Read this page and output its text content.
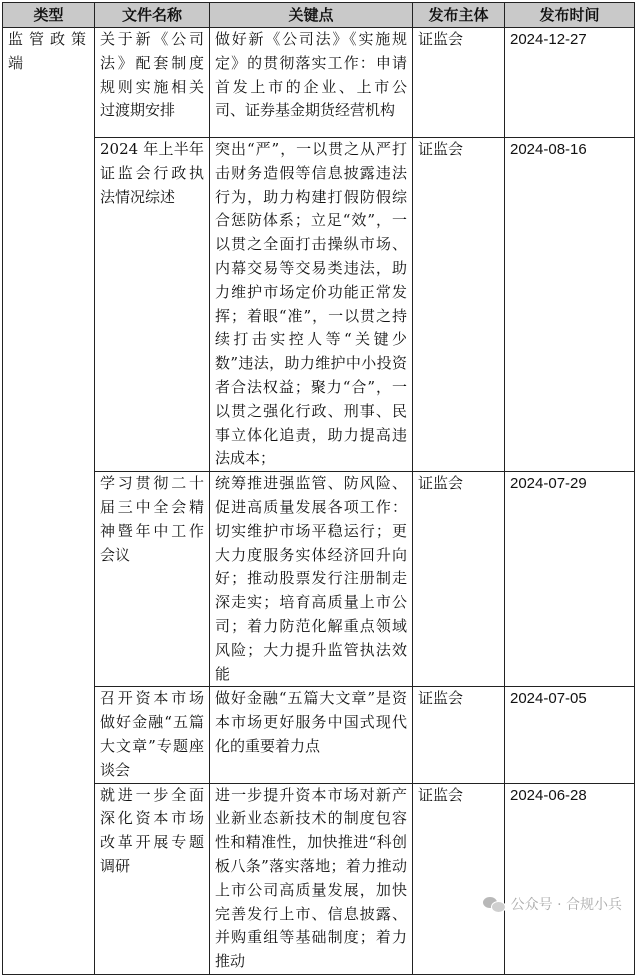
类型	文件名称	关键点	发布主体	发布时间
监管政策端	关于新《公司法》配套制度规则实施相关过渡期安排	做好新《公司法》《实施规定》的贯彻落实工作：申请首发上市的企业、上市公司、证券基金期货经营机构	证监会	2024-12-27
	2024 年上半年证监会行政执法情况综述	突出“严”，一以贯之从严打击财务造假等信息披露违法行为，助力构建打假防假综合惩防体系；立足“效”，一以贯之全面打击操纵市场、内幕交易等交易类违法，助力维护市场定价功能正常发挥；着眼“准”，一以贯之持续打击实控人等“关键少数”违法，助力维护中小投资者合法权益；聚力“合”，一以贯之强化行政、刑事、民事立体化追责，助力提高违法成本；	证监会	2024-08-16
	学习贯彻二十届三中全会精神暨年中工作会议	统筹推进强监管、防风险、促进高质量发展各项工作：切实维护市场平稳运行；更大力度服务实体经济回升向好；推动股票发行注册制走深走实；培育高质量上市公司；着力防范化解重点领域风险；大力提升监管执法效能	证监会	2024-07-29
	召开资本市场做好金融“五篇大文章”专题座谈会	做好金融“五篇大文章”是资本市场更好服务中国式现代化的重要着力点	证监会	2024-07-05
	就进一步全面深化资本市场改革开展专题调研	进一步提升资本市场对新产业新业态新技术的制度包容性和精准性，加快推进“科创板八条”落实落地；着力推动上市公司高质量发展，加快完善发行上市、信息披露、并购重组等基础制度；着力推动	证监会	2024-06-28
公众号 · 合规小兵
